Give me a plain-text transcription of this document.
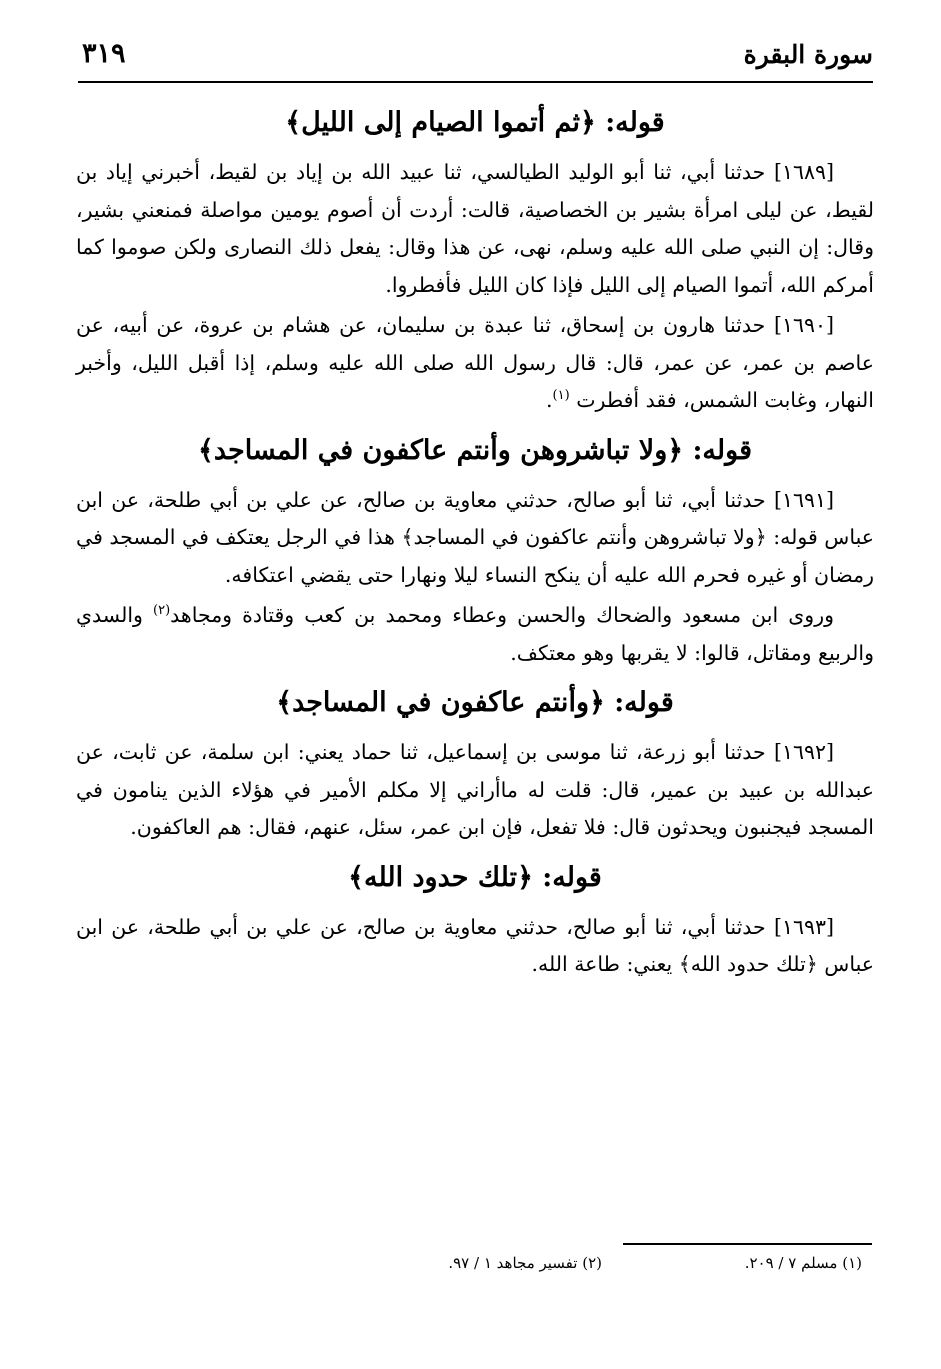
سورة البقرة
٣١٩
قوله: ﴿ثم أتموا الصيام إلى الليل﴾

[١٦٨٩] حدثنا أبي، ثنا أبو الوليد الطيالسي، ثنا عبيد الله بن إياد بن لقيط، أخبرني إياد بن لقيط، عن ليلى امرأة بشير بن الخصاصية، قالت: أردت أن أصوم يومين مواصلة فمنعني بشير، وقال: إن النبي صلى الله عليه وسلم، نهى، عن هذا وقال: يفعل ذلك النصارى ولكن صوموا كما أمركم الله، أتموا الصيام إلى الليل فإذا كان الليل فأفطروا.

[١٦٩٠] حدثنا هارون بن إسحاق، ثنا عبدة بن سليمان، عن هشام بن عروة، عن أبيه، عن عاصم بن عمر، عن عمر، قال: قال رسول الله صلى الله عليه وسلم، إذا أقبل الليل، وأخبر النهار، وغابت الشمس، فقد أفطرت $^{(١)}$.

قوله: ﴿ولا تباشروهن وأنتم عاكفون في المساجد﴾

[١٦٩١] حدثنا أبي، ثنا أبو صالح، حدثني معاوية بن صالح، عن علي بن أبي طلحة، عن ابن عباس قوله: ﴿ولا تباشروهن وأنتم عاكفون في المساجد﴾ هذا في الرجل يعتكف في المسجد في رمضان أو غيره فحرم الله عليه أن ينكح النساء ليلا ونهارا حتى يقضي اعتكافه.

وروى ابن مسعود والضحاك والحسن وعطاء ومحمد بن كعب وقتادة ومجاهد$^{(٢)}$ والسدي والربيع ومقاتل، قالوا: لا يقربها وهو معتكف.

قوله: ﴿وأنتم عاكفون في المساجد﴾

[١٦٩٢] حدثنا أبو زرعة، ثنا موسى بن إسماعيل، ثنا حماد يعني: ابن سلمة، عن ثابت، عن عبدالله بن عبيد بن عمير، قال: قلت له ماأراني إلا مكلم الأمير في هؤلاء الذين ينامون في المسجد فيجنبون ويحدثون قال: فلا تفعل، فإن ابن عمر، سئل، عنهم، فقال: هم العاكفون.

قوله: ﴿تلك حدود الله﴾

[١٦٩٣] حدثنا أبي، ثنا أبو صالح، حدثني معاوية بن صالح، عن علي بن أبي طلحة، عن ابن عباس ﴿تلك حدود الله﴾ يعني: طاعة الله.

(١) مسلم ٧ / ٢٠٩.
(٢) تفسير مجاهد ١ / ٩٧.
